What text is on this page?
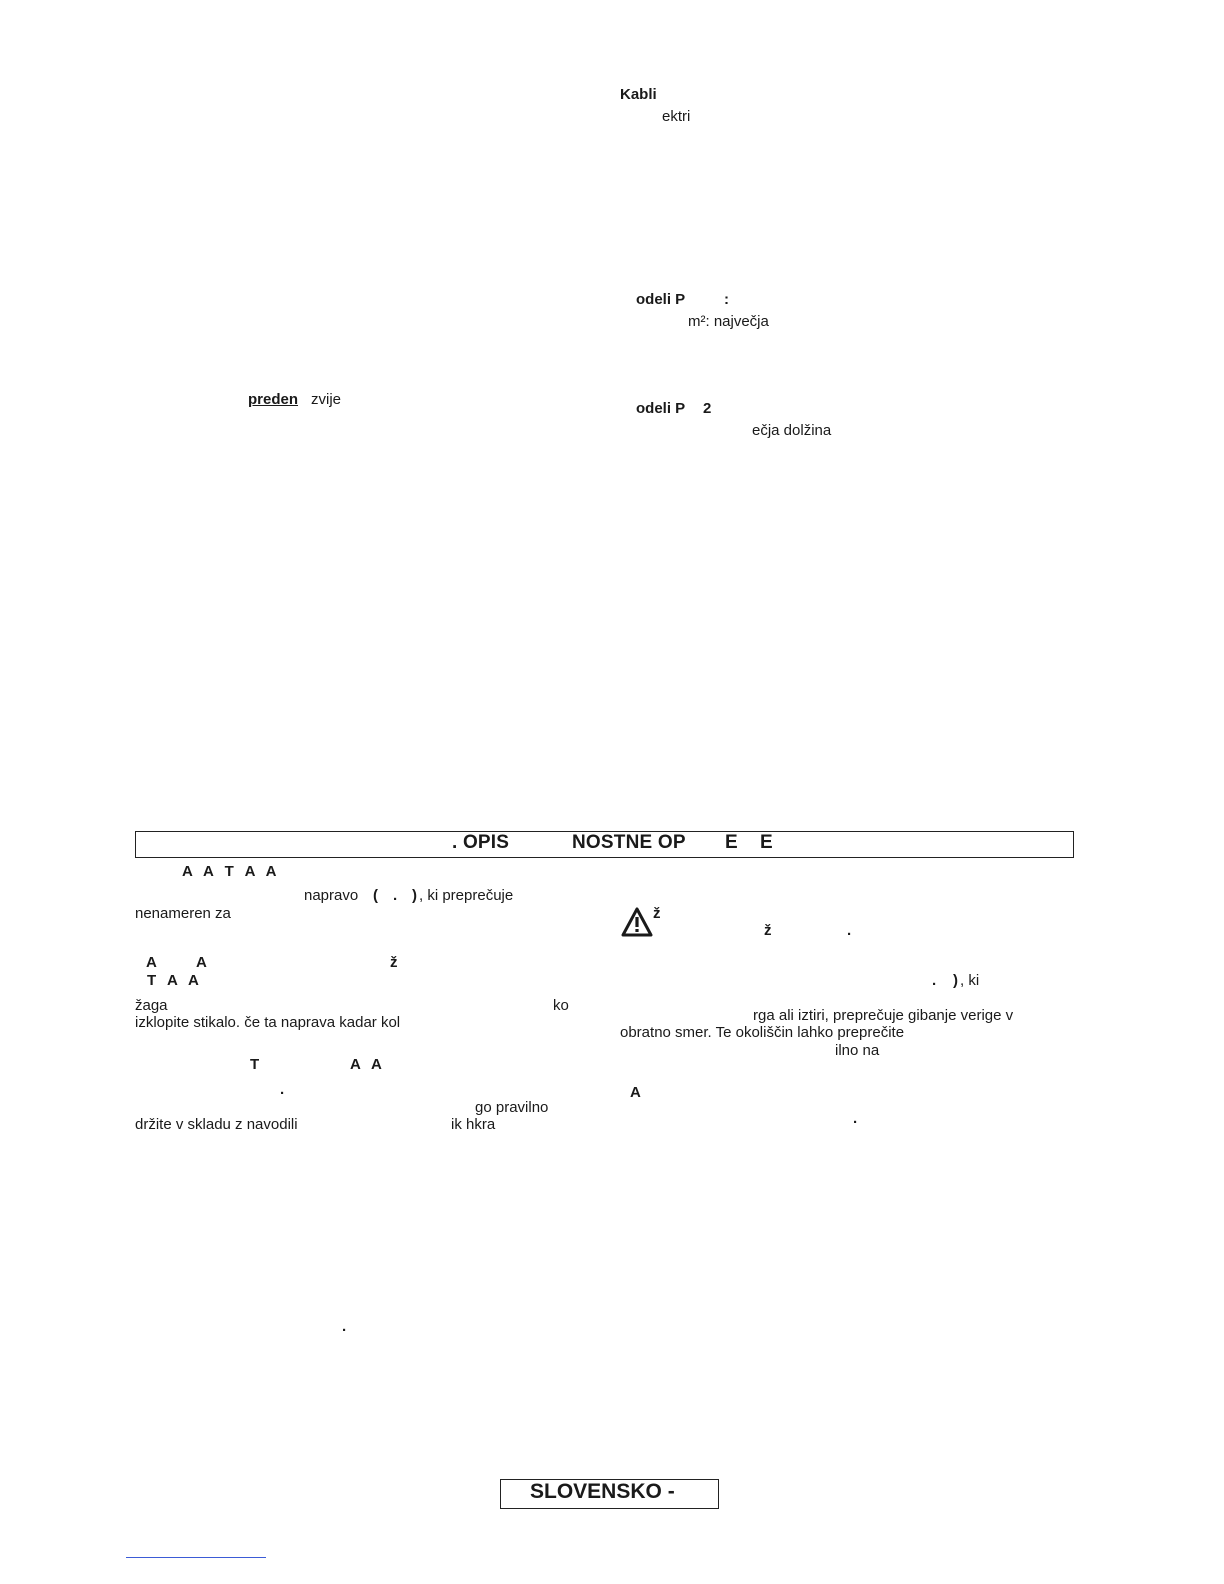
Kabli
ektri
odeli P	:
m²: največja
odeli P 2
ečja dolžina
preden zvije
. OPIS	NOSTNE OP E E
A  A  T  A  A
napravo ( . ) , ki preprečuje
nenameren za
A	A	ž
T  A  A
žaga	ko
izklopite stikalo. če ta naprava kadar kol
T	A  A
.
go pravilno
držite v skladu z navodili	ik hkra
.
ž
ž	.
. ) , ki
rga ali iztiri, preprečuje gibanje verige v
obratno smer. Te okoliščin lahko preprečite
ilno na
A
.
SLOVENSKO -
